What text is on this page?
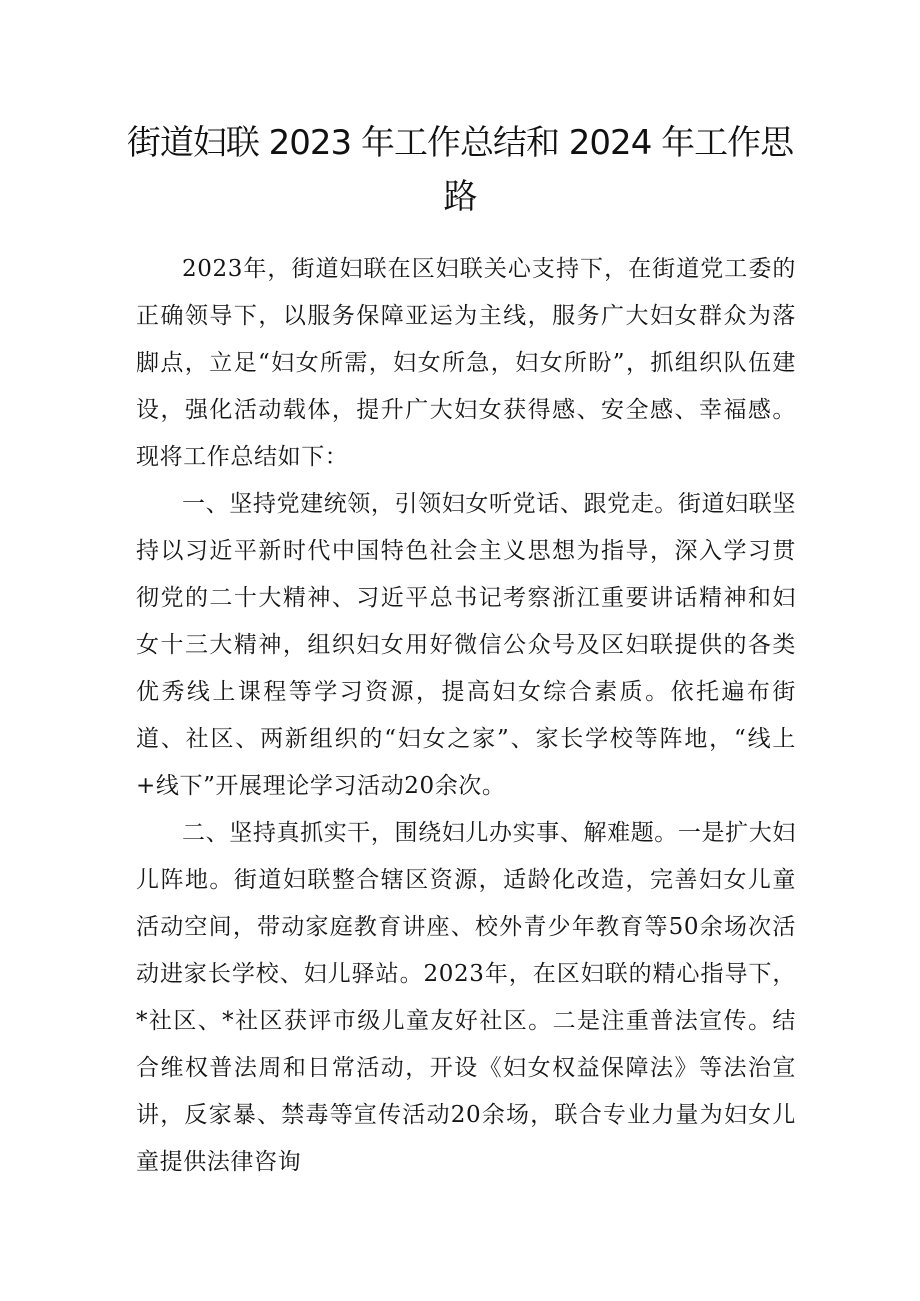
街道妇联 2023 年工作总结和 2024 年工作思路

2023年，街道妇联在区妇联关心支持下，在街道党工委的正确领导下，以服务保障亚运为主线，服务广大妇女群众为落脚点，立足“妇女所需，妇女所急，妇女所盼”，抓组织队伍建设，强化活动载体，提升广大妇女获得感、安全感、幸福感。现将工作总结如下：

一、坚持党建统领，引领妇女听党话、跟党走。街道妇联坚持以习近平新时代中国特色社会主义思想为指导，深入学习贯彻党的二十大精神、习近平总书记考察浙江重要讲话精神和妇女十三大精神，组织妇女用好微信公众号及区妇联提供的各类优秀线上课程等学习资源，提高妇女综合素质。依托遍布街道、社区、两新组织的“妇女之家”、家长学校等阵地，“线上+线下”开展理论学习活动20余次。

二、坚持真抓实干，围绕妇儿办实事、解难题。一是扩大妇儿阵地。街道妇联整合辖区资源，适龄化改造，完善妇女儿童活动空间，带动家庭教育讲座、校外青少年教育等50余场次活动进家长学校、妇儿驿站。2023年，在区妇联的精心指导下，*社区、*社区获评市级儿童友好社区。二是注重普法宣传。结合维权普法周和日常活动，开设《妇女权益保障法》等法治宣讲，反家暴、禁毒等宣传活动20余场，联合专业力量为妇女儿童提供法律咨询
